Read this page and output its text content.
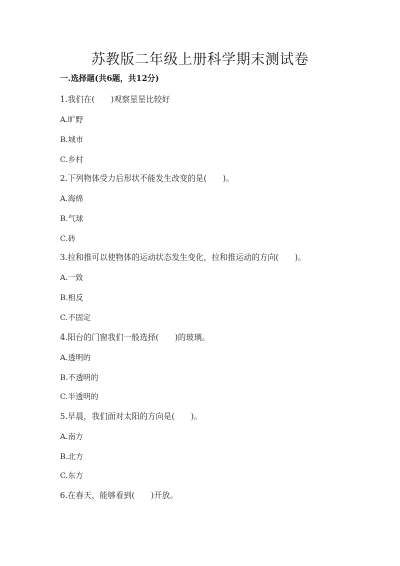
苏教版二年级上册科学期末测试卷
一.选择题(共6题，共12分)
1.我们在(　　)观察星星比较好
A.旷野
B.城市
C.乡村
2.下列物体受力后形状不能发生改变的是(　　)。
A.海绵
B.气球
C.砖
3.拉和推可以使物体的运动状态发生变化，拉和推运动的方向(　　)。
A.一致
B.相反
C.不固定
4.阳台的门窗我们一般选择(　　)的玻璃。
A.透明的
B.不透明的
C.半透明的
5.早晨，我们面对太阳的方向是(　　)。
A.南方
B.北方
C.东方
6.在春天，能够看到(　　)开放。
